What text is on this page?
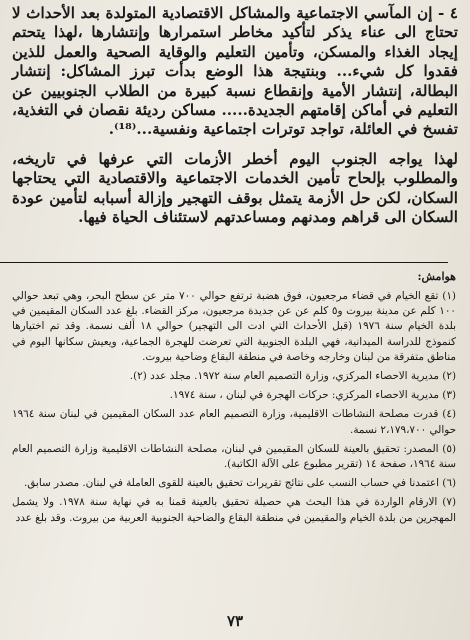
٤ - إن المآسي الاجتماعية والمشاكل الاقتصادية المتولدة بعد الأحداث لا تحتاج الى عناء يذكر لتأكيد مخاطر استمرارها وإنتشارها ،لهذا يتحتم إيجاد الغذاء والمسكن، وتأمين التعليم والوقاية الصحية والعمل للذين فقدوا كل شيء... وبنتيجة هذا الوضع بدأت تبرز المشاكل: إنتشار البطالة، إنتشار الأمية وإنقطاع نسبة كبيرة من الطلاب الجنوبيين عن التعليم في أماكن إقامتهم الجديدة..... مساكن رديئة نقصان في التغذية، تفسخ في العائلة، تواجد توترات اجتماعية ونفسية...⁽¹⁸⁾.

لهذا يواجه الجنوب اليوم أخطر الأزمات التي عرفها في تاريخه، والمطلوب بإلحاح تأمين الخدمات الاجتماعية والاقتصادية التي يحتاجها السكان، لكن حل الأزمة يتمثل بوقف التهجير وإزالة أسبابه لتأمين عودة السكان الى قراهم ومدنهم ومساعدتهم لاستئناف الحياة فيها.

هوامش:

(١) تقع الخيام في قضاء مرجعيون، فوق هضبة ترتفع حوالي ٧٠٠ متر عن سطح البحر، وهي تبعد حوالي ١٠٠ كلم عن مدينة بيروت و٥ كلم عن عن جديدة مرجعيون، مركز القضاء. بلغ عدد السكان المقيمين في بلدة الخيام سنة ١٩٧٦ (قبل الأحداث التي ادت الى التهجير) حوالي ١٨ ألف نسمة. وقد تم اختيارها كنموذج للدراسة الميدانية، فهي البلدة الجنوبية التي تعرضت للهجرة الجماعية، ويعيش سكانها اليوم في مناطق متفرقة من لبنان وخارجه وخاصة في منطقة البقاع وضاحية بيروت.

(٢) مديرية الاحصاء المركزي، وزارة التصميم العام سنة ١٩٧٢. مجلد عدد (٢).

(٣) مديرية الاحصاء المركزي: حركات الهجرة في لبنان ، سنة ١٩٧٤.

(٤) قدرت مصلحة النشاطات الاقليمية، وزارة التصميم العام عدد السكان المقيمين في لبنان سنة ١٩٦٤ حوالي ٢،١٧٩،٧٠٠ نسمة.

(٥) المصدر: تحقيق بالعينة للسكان المقيمين في لبنان، مصلحة النشاطات الاقليمية وزارة التصميم العام سنة ١٩٦٤، صفحة ١٤ (تقرير مطبوع على الآلة الكاتبة).

(٦) اعتمدنا في حساب النسب على نتائج تقريرات تحقيق بالعينة للقوى العاملة في لبنان. مصدر سابق.

(٧) الارقام الواردة في هذا البحث هي حصيلة تحقيق بالعينة قمنا به في نهاية سنة ١٩٧٨. ولا يشمل المهجرين من بلدة الخيام والمقيمين في منطقة البقاع والضاحية الجنوبية العربية من بيروت. وقد بلغ عدد

٧٣
